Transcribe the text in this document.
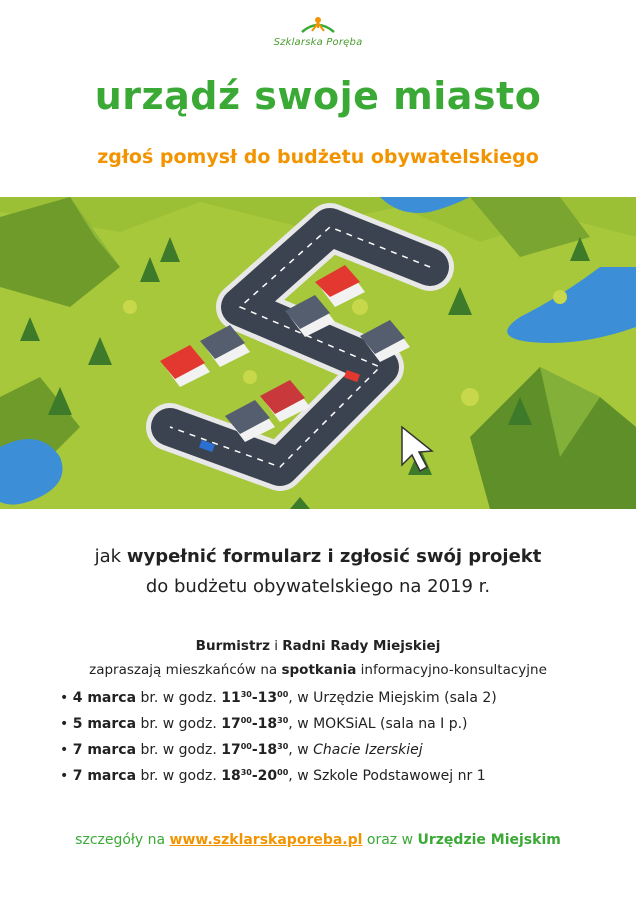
Szklarska Poręba
urządź swoje miasto
zgłoś pomysł do budżetu obywatelskiego
jak wypełnić formularz i zgłosić swój projekt
do budżetu obywatelskiego na 2019 r.
Burmistrz i Radni Rady Miejskiej
zapraszają mieszkańców na spotkania informacyjno-konsultacyjne
• 4 marca br. w godz. $11^{30}-13^{00}$, w Urzędzie Miejskim (sala 2)
• 5 marca br. w godz. $17^{00}-18^{30}$, w MOKSiAL (sala na I p.)
• 7 marca br. w godz. $17^{00}-18^{30}$, w Chacie Izerskiej
• 7 marca br. w godz. $18^{30}-20^{00}$, w Szkole Podstawowej nr 1
szczegóły na www.szklarskaporeba.pl oraz w Urzędzie Miejskim
